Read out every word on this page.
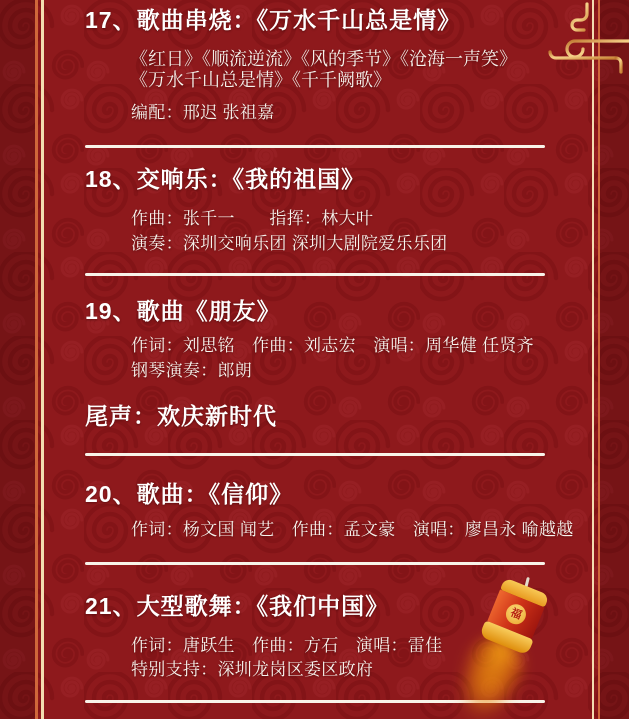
17、歌曲串烧：《万水千山总是情》
《红日》《顺流逆流》《风的季节》《沧海一声笑》
《万水千山总是情》《千千阙歌》
编配：邢迟 张祖嘉
18、交响乐：《我的祖国》
作曲：张千一　　指挥：林大叶
演奏：深圳交响乐团 深圳大剧院爱乐乐团
19、歌曲《朋友》
作词：刘思铭　作曲：刘志宏　演唱：周华健 任贤齐
钢琴演奏：郎朗
尾声：欢庆新时代
20、歌曲：《信仰》
作词：杨文国 闻艺　作曲：孟文豪　演唱：廖昌永 喻越越
21、大型歌舞：《我们中国》
作词：唐跃生　作曲：方石　演唱：雷佳
特别支持：深圳龙岗区委区政府
福
